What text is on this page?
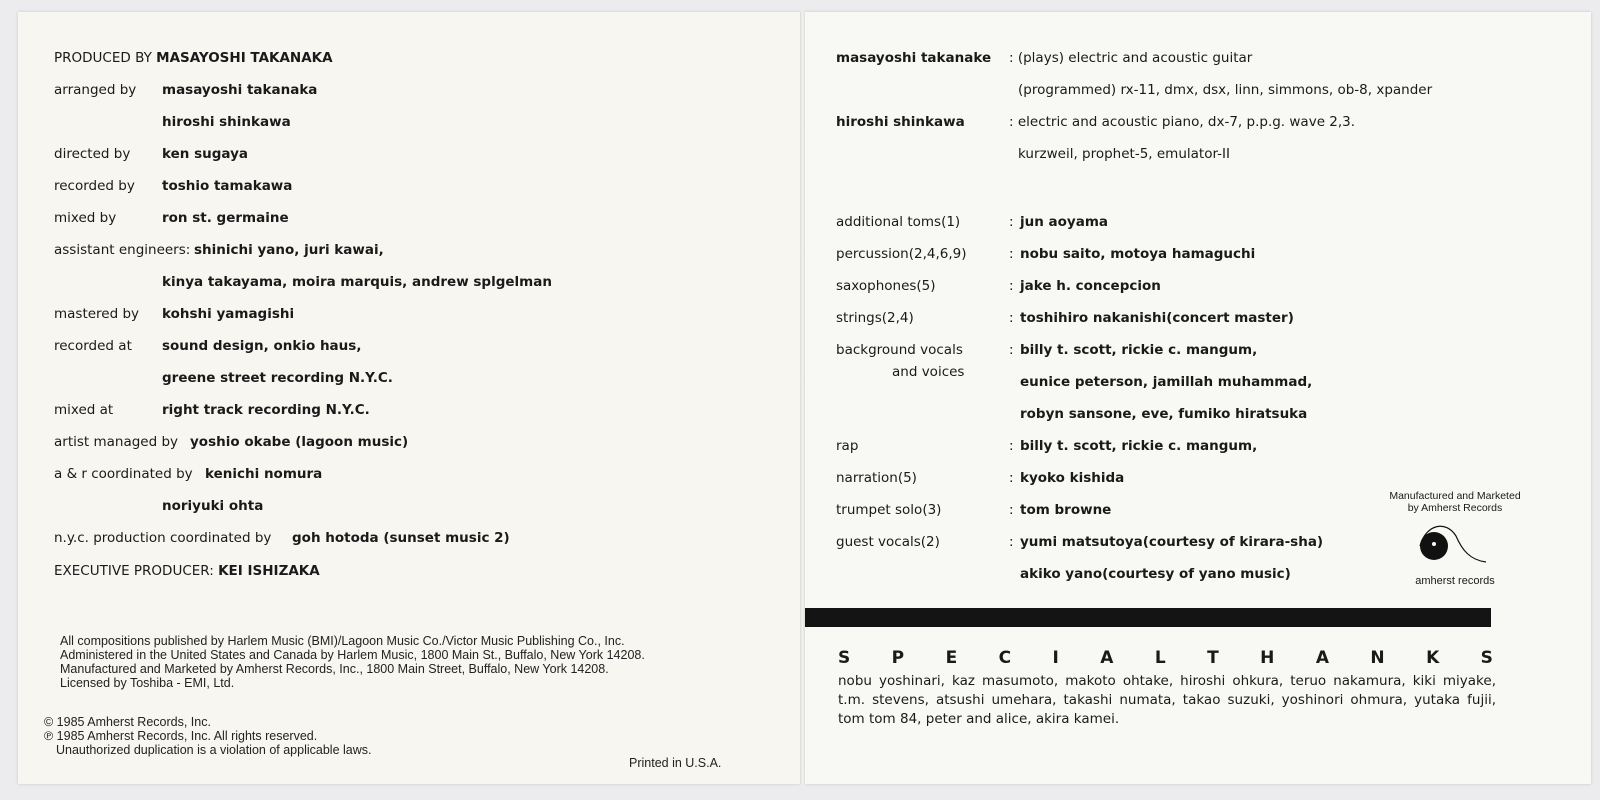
PRODUCED BY MASAYOSHI TAKANAKA
arranged by masayoshi takanaka
hiroshi shinkawa
directed by ken sugaya
recorded by toshio tamakawa
mixed by	ron st. germaine
assistant engineers: shinichi yano, juri kawai,
kinya takayama, moira marquis, andrew splgelman
mastered by kohshi yamagishi
recorded at sound design, onkio haus,
greene street recording N.Y.C.
mixed at	right track recording N.Y.C.
artist managed by yoshio okabe (lagoon music)
a & r coordinated by kenichi nomura
noriyuki ohta
n.y.c. production coordinated by goh hotoda (sunset music 2)
EXECUTIVE PRODUCER: KEI ISHIZAKA
All compositions published by Harlem Music (BMI)/Lagoon Music Co./Victor Music Publishing Co., Inc.
Administered in the United States and Canada by Harlem Music, 1800 Main St., Buffalo, New York 14208.
Manufactured and Marketed by Amherst Records, Inc., 1800 Main Street, Buffalo, New York 14208.
Licensed by Toshiba - EMI, Ltd.
© 1985 Amherst Records, Inc.
℗ 1985 Amherst Records, Inc. All rights reserved.
Unauthorized duplication is a violation of applicable laws.
Printed in U.S.A.
masayoshi takanake : (plays) electric and acoustic guitar
(programmed) rx-11, dmx, dsx, linn, simmons, ob-8, xpander
hiroshi shinkawa	: electric and acoustic piano, dx-7, p.p.g. wave 2,3.
kurzweil, prophet-5, emulator-II
additional toms(1)	: jun aoyama
percussion(2,4,6,9)	: nobu saito, motoya hamaguchi
saxophones(5)	: jake h. concepcion
strings(2,4)	: toshihiro nakanishi(concert master)
background vocals
and voices
: billy t. scott, rickie c. mangum,
eunice peterson, jamillah muhammad,
robyn sansone, eve, fumiko hiratsuka
rap	: billy t. scott, rickie c. mangum,
narration(5)	: kyoko kishida
trumpet solo(3)	: tom browne
guest vocals(2)	: yumi matsutoya(courtesy of kirara-sha)
akiko yano(courtesy of yano music)
Manufactured and Marketed
by Amherst Records
amherst records
S P E C I A L T H A N K S
nobu yoshinari, kaz masumoto, makoto ohtake, hiroshi ohkura, teruo nakamura, kiki miyake, t.m. stevens, atsushi umehara, takashi numata, takao suzuki, yoshinori ohmura, yutaka fujii, tom tom 84, peter and alice, akira kamei.
